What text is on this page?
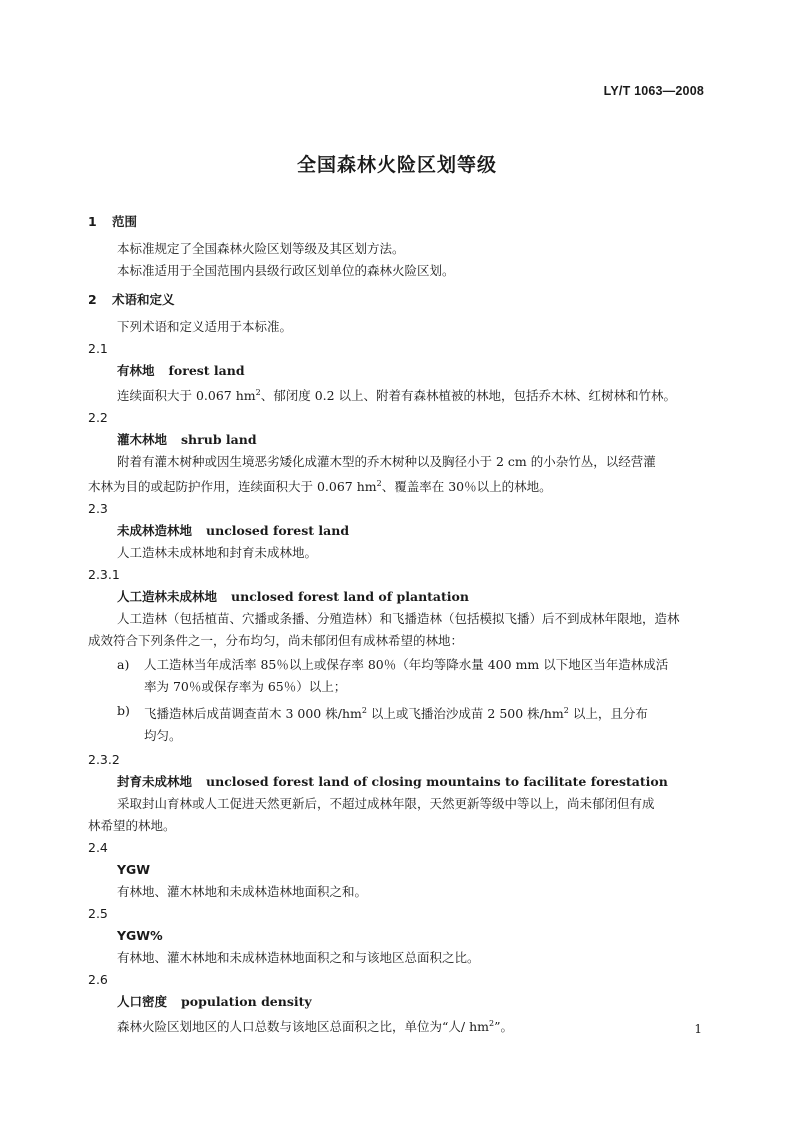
LY/T 1063—2008
全国森林火险区划等级

1 范围

本标准规定了全国森林火险区划等级及其区划方法。

本标准适用于全国范围内县级行政区划单位的森林火险区划。

2 术语和定义

下列术语和定义适用于本标准。

2.1

有林地 forest land

连续面积大于 0.067 $hm^2$、郁闭度 0.2 以上、附着有森林植被的林地，包括乔木林、红树林和竹林。

2.2

灌木林地 shrub land

附着有灌木树种或因生境恶劣矮化成灌木型的乔木树种以及胸径小于 2 cm 的小杂竹丛，以经营灌

木林为目的或起防护作用，连续面积大于 0.067 $hm^2$、覆盖率在 30％以上的林地。

2.3

未成林造林地 unclosed forest land

人工造林未成林地和封育未成林地。

2.3.1

人工造林未成林地 unclosed forest land of plantation

人工造林（包括植苗、穴播或条播、分殖造林）和飞播造林（包括模拟飞播）后不到成林年限地，造林

成效符合下列条件之一，分布均匀，尚未郁闭但有成林希望的林地：

a)	人工造林当年成活率 85％以上或保存率 80％（年均等降水量 400 mm 以下地区当年造林成活
率为 70％或保存率为 65％）以上；
b)	飞播造林后成苗调查苗木 3 000 株$/hm^2$ 以上或飞播治沙成苗 2 500 株$/hm^2$ 以上，且分布
均匀。

2.3.2

封育未成林地 unclosed forest land of closing mountains to facilitate forestation

采取封山育林或人工促进天然更新后，不超过成林年限，天然更新等级中等以上，尚未郁闭但有成

林希望的林地。

2.4

YGW

有林地、灌木林地和未成林造林地面积之和。

2.5

YGW%

有林地、灌木林地和未成林造林地面积之和与该地区总面积之比。

2.6

人口密度 population density

森林火险区划地区的人口总数与该地区总面积之比，单位为“人/ $hm^2$”。	1
